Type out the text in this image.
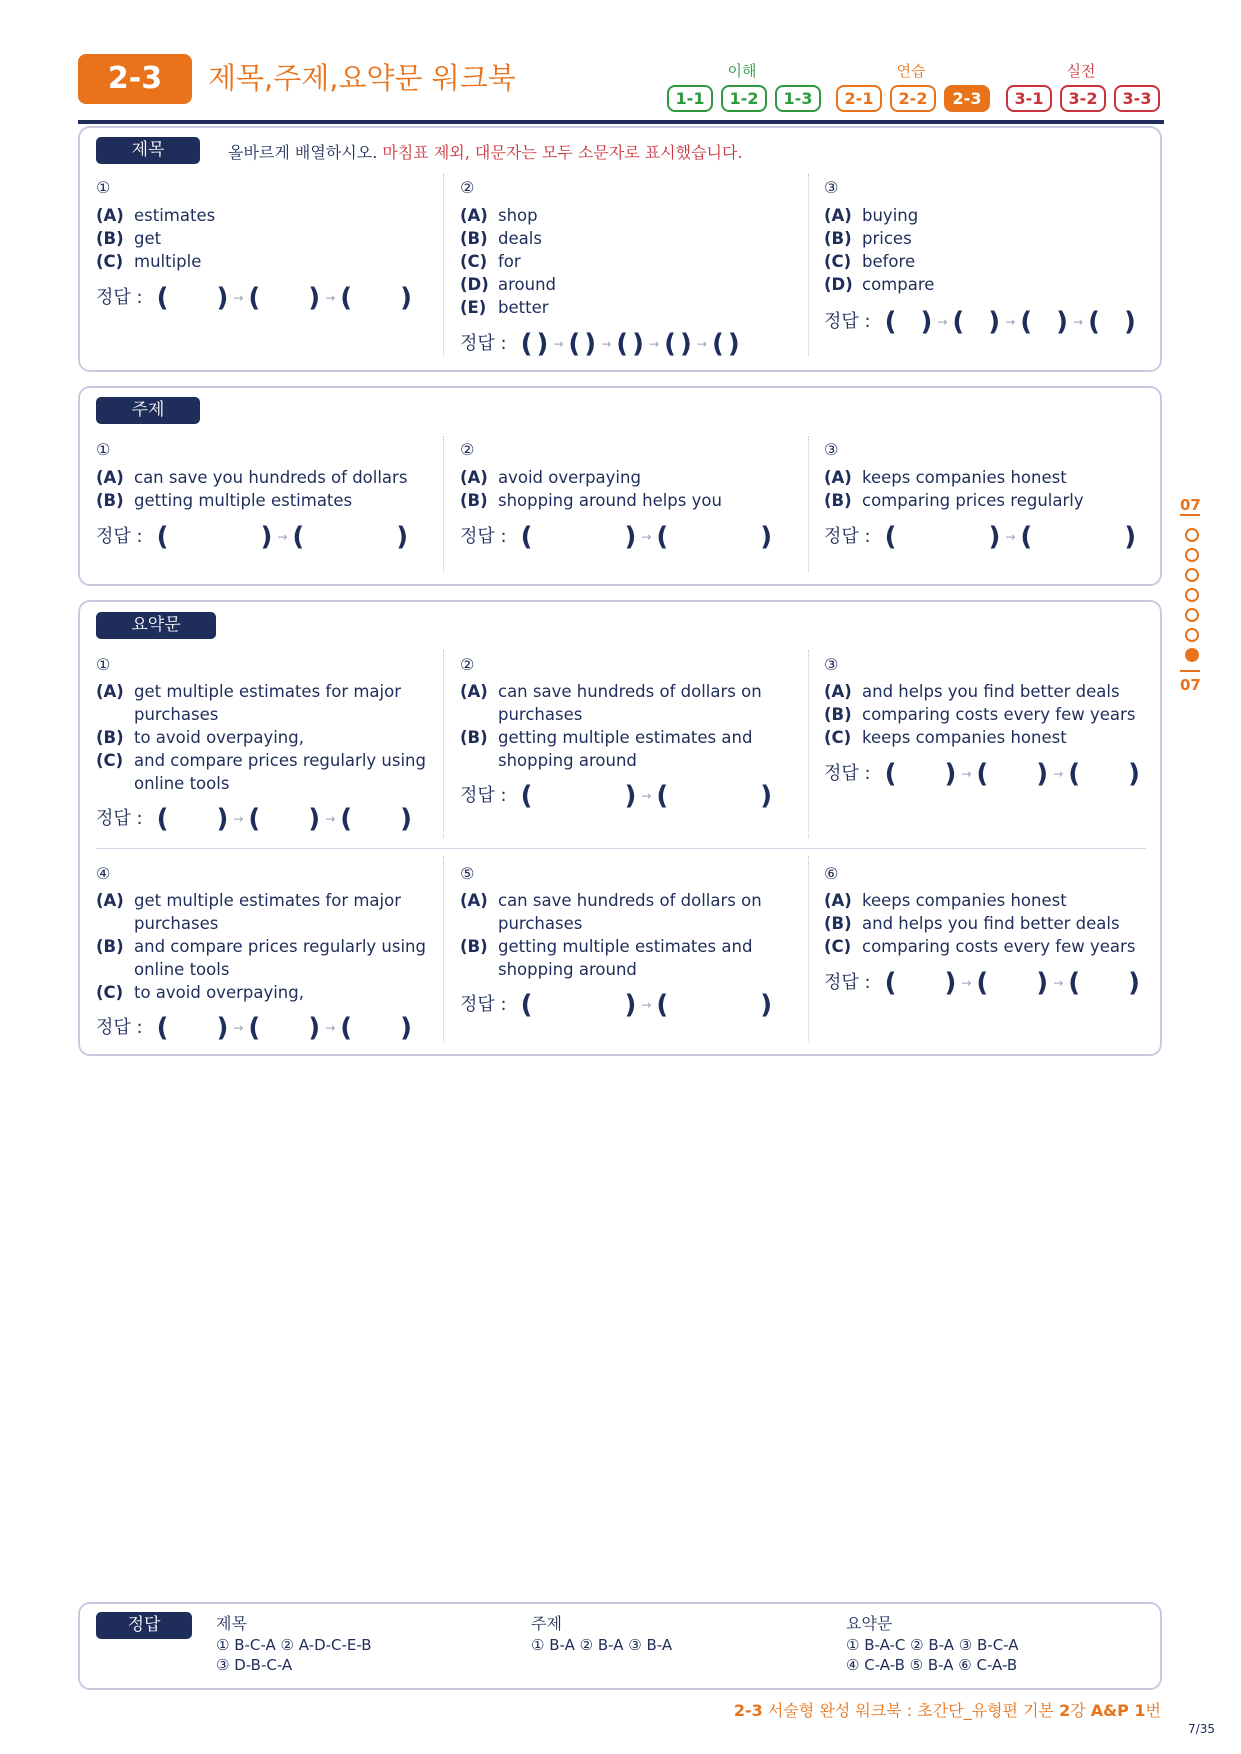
2-3	제목,주제,요약문 워크북	이해	연습	실전
1-1	1-2	1-3	2-1	2-2	2-3	3-1	3-2	3-3
제목	올바르게 배열하시오. 마침표 제외, 대문자는 모두 소문자로 표시했습니다.
①
(A) estimates
(B) get
(C) multiple
정답 : ( ) → ( ) → ( )
②
(A) shop
(B) deals
(C) for
(D) around
(E) better
정답 : ( ) → ( ) → ( ) → ( ) → ( )
③
(A) buying
(B) prices
(C) before
(D) compare
정답 : ( ) → ( ) → ( ) → ( )
주제
①
(A) can save you hundreds of dollars
(B) getting multiple estimates
정답 : (	) → (	)
②
(A) avoid overpaying
(B) shopping around helps you
정답 : (	) → (	)
③
(A) keeps companies honest
(B) comparing prices regularly
정답 : (	) → (	)
요약문
①
(A) get multiple estimates for major purchases
(B) to avoid overpaying,
(C) and compare prices regularly using online tools
정답 : ( ) → ( ) → ( )
②
(A) can save hundreds of dollars on purchases
(B) getting multiple estimates and shopping around
정답 : (	) → (	)
③
(A) and helps you find better deals
(B) comparing costs every few years
(C) keeps companies honest
정답 : ( ) → ( ) → ( )
④
(A) get multiple estimates for major purchases
(B) and compare prices regularly using online tools
(C) to avoid overpaying,
정답 : ( ) → ( ) → ( )
⑤
(A) can save hundreds of dollars on purchases
(B) getting multiple estimates and shopping around
정답 : (	) → (	)
⑥
(A) keeps companies honest
(B) and helps you find better deals
(C) comparing costs every few years
정답 : ( ) → ( ) → ( )
07
07
정답	제목
① B-C-A ② A-D-C-E-B
③ D-B-C-A
주제
① B-A ② B-A ③ B-A
요약문
① B-A-C ② B-A ③ B-C-A
④ C-A-B ⑤ B-A ⑥ C-A-B
2-3 서술형 완성 워크북 : 초간단_유형편 기본 2강 A&P 1번
7/35
